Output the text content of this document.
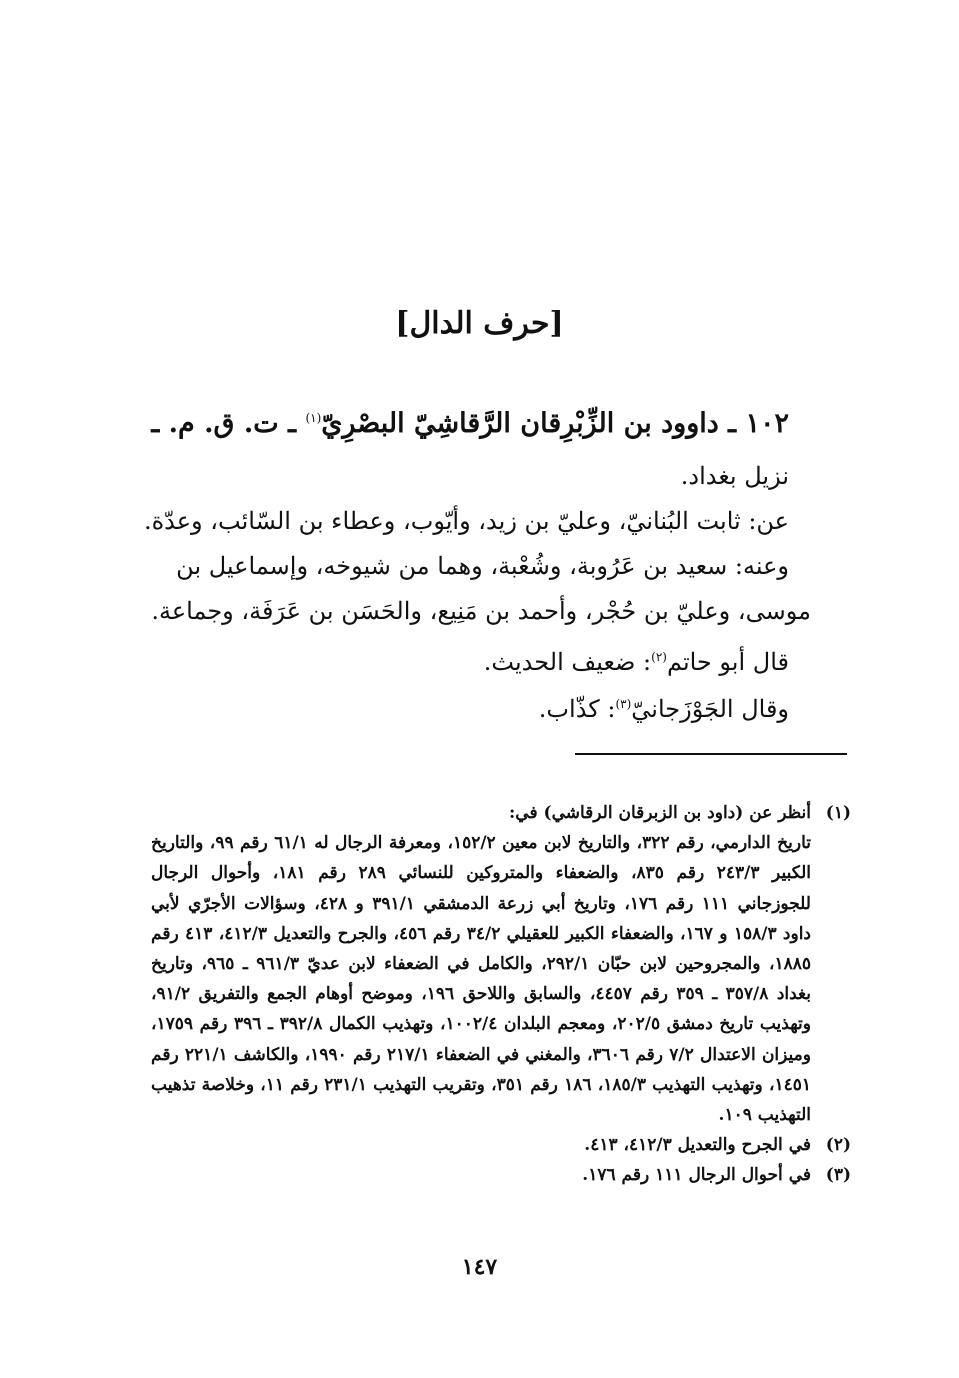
[حرف الدال]
١٠٢ ـ داوود بن الزِّبْرِقان الرَّقاشِيّ البصْرِيّ$^{(١)}$ ـ ت. ق. م. ـ
نزيل بغداد.
عن: ثابت البُنانيّ، وعليّ بن زيد، وأيّوب، وعطاء بن السّائب، وعدّة.
وعنه: سعيد بن عَرُوبة، وشُعْبة، وهما من شيوخه، وإسماعيل بن
موسى، وعليّ بن حُجْر، وأحمد بن مَنِيع، والحَسَن بن عَرَفَة، وجماعة.
قال أبو حاتم$^{(٢)}$: ضعيف الحديث.
وقال الجَوْزَجانيّ$^{(٣)}$: كذّاب.
(١)
أنظر عن (داود بن الزبرقان الرقاشي) في:
تاريخ الدارمي، رقم ٣٢٢، والتاريخ لابن معين ١٥٢/٢، ومعرفة الرجال له ٦١/١ رقم ٩٩، والتاريخ الكبير ٢٤٣/٣ رقم ٨٣٥، والضعفاء والمتروكين للنسائي ٢٨٩ رقم ١٨١، وأحوال الرجال للجوزجاني ١١١ رقم ١٧٦، وتاريخ أبي زرعة الدمشقي ٣٩١/١ و ٤٢٨، وسؤالات الأجرّي لأبي داود ١٥٨/٣ و ١٦٧، والضعفاء الكبير للعقيلي ٣٤/٢ رقم ٤٥٦، والجرح والتعديل ٤١٢/٣، ٤١٣ رقم ١٨٨٥، والمجروحين لابن حبّان ٢٩٢/١، والكامل في الضعفاء لابن عديّ ٩٦١/٣ ـ ٩٦٥، وتاريخ بغداد ٣٥٧/٨ ـ ٣٥٩ رقم ٤٤٥٧، والسابق واللاحق ١٩٦، وموضح أوهام الجمع والتفريق ٩١/٢، وتهذيب تاريخ دمشق ٢٠٢/٥، ومعجم البلدان ١٠٠٢/٤، وتهذيب الكمال ٣٩٢/٨ ـ ٣٩٦ رقم ١٧٥٩، وميزان الاعتدال ٧/٢ رقم ٣٦٠٦، والمغني في الضعفاء ٢١٧/١ رقم ١٩٩٠، والكاشف ٢٢١/١ رقم ١٤٥١، وتهذيب التهذيب ١٨٥/٣، ١٨٦ رقم ٣٥١، وتقريب التهذيب ٢٣١/١ رقم ١١، وخلاصة تذهيب التهذيب ١٠٩.
(٢)
في الجرح والتعديل ٤١٢/٣، ٤١٣.
(٣)
في أحوال الرجال ١١١ رقم ١٧٦.
١٤٧
